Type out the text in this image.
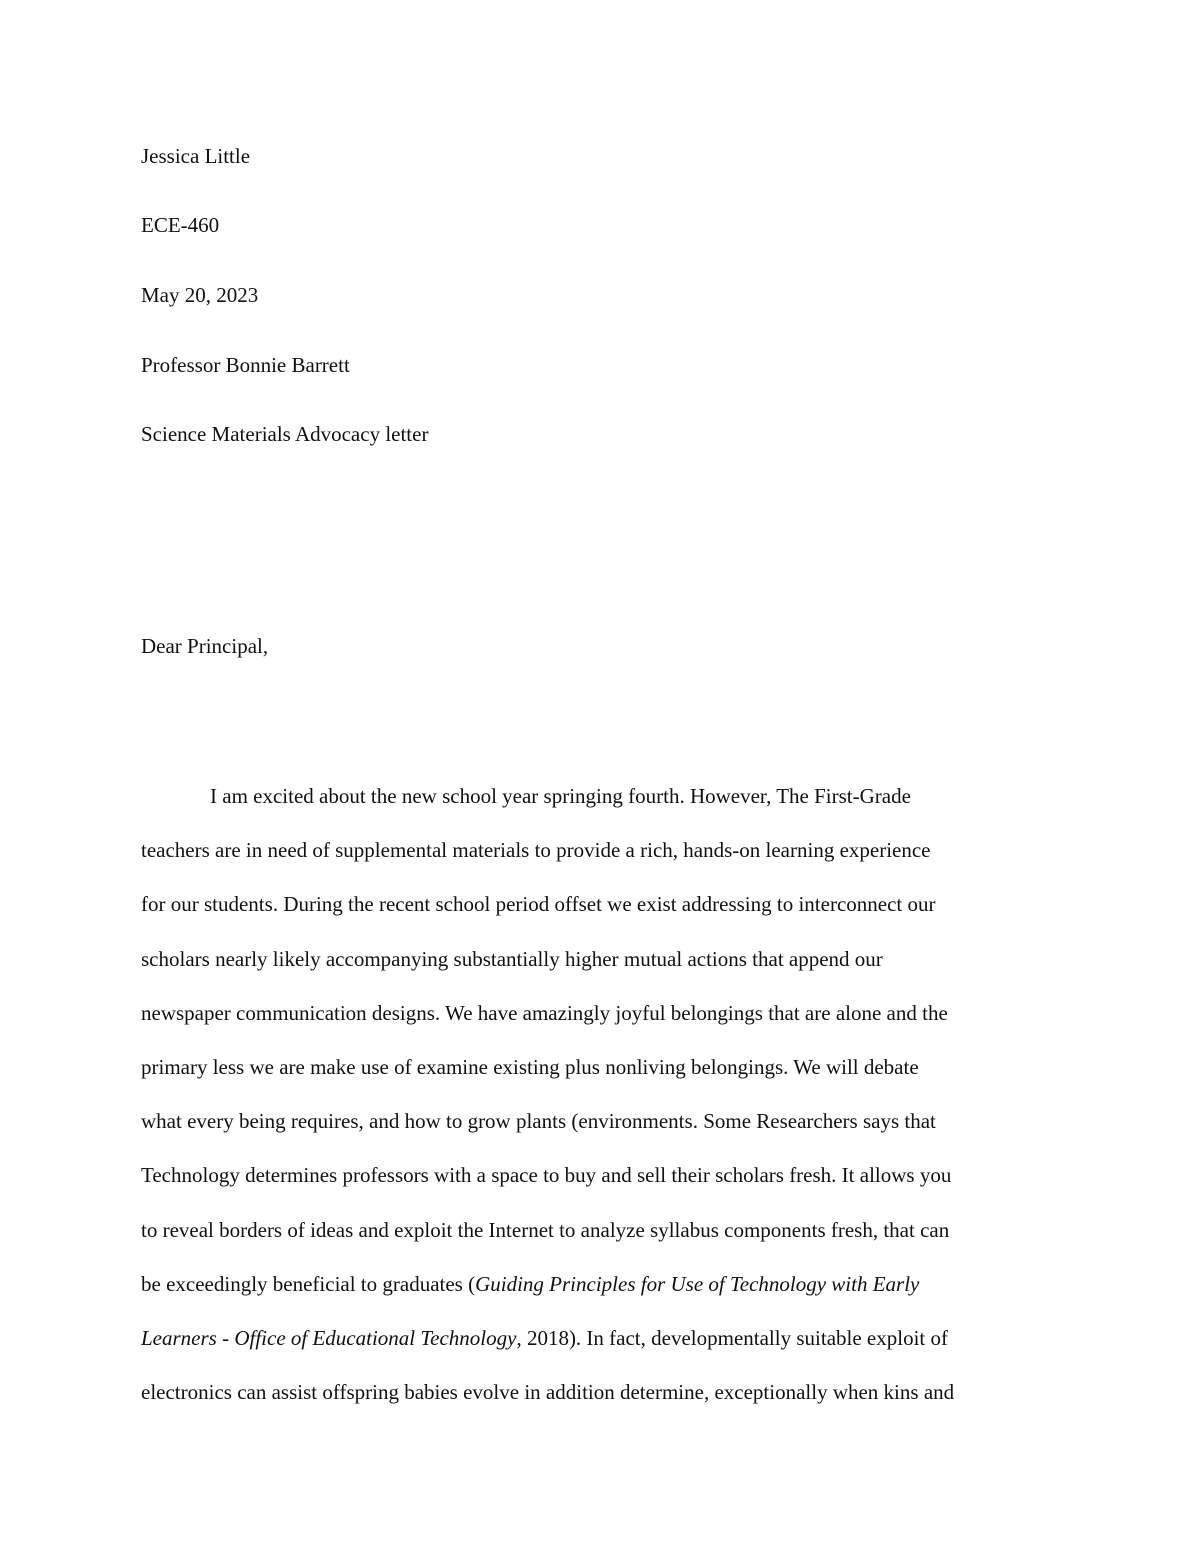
Jessica Little
ECE-460
May 20, 2023
Professor Bonnie Barrett
Science Materials Advocacy letter
Dear Principal,
I am excited about the new school year springing fourth. However, The First-Grade
teachers are in need of supplemental materials to provide a rich, hands-on learning experience
for our students. During the recent school period offset we exist addressing to interconnect our
scholars nearly likely accompanying substantially higher mutual actions that append our
newspaper communication designs. We have amazingly joyful belongings that are alone and the
primary less we are make use of examine existing plus nonliving belongings. We will debate
what every being requires, and how to grow plants (environments. Some Researchers says that
Technology determines professors with a space to buy and sell their scholars fresh. It allows you
to reveal borders of ideas and exploit the Internet to analyze syllabus components fresh, that can
be exceedingly beneficial to graduates (Guiding Principles for Use of Technology with Early
Learners - Office of Educational Technology, 2018). In fact, developmentally suitable exploit of
electronics can assist offspring babies evolve in addition determine, exceptionally when kins and
